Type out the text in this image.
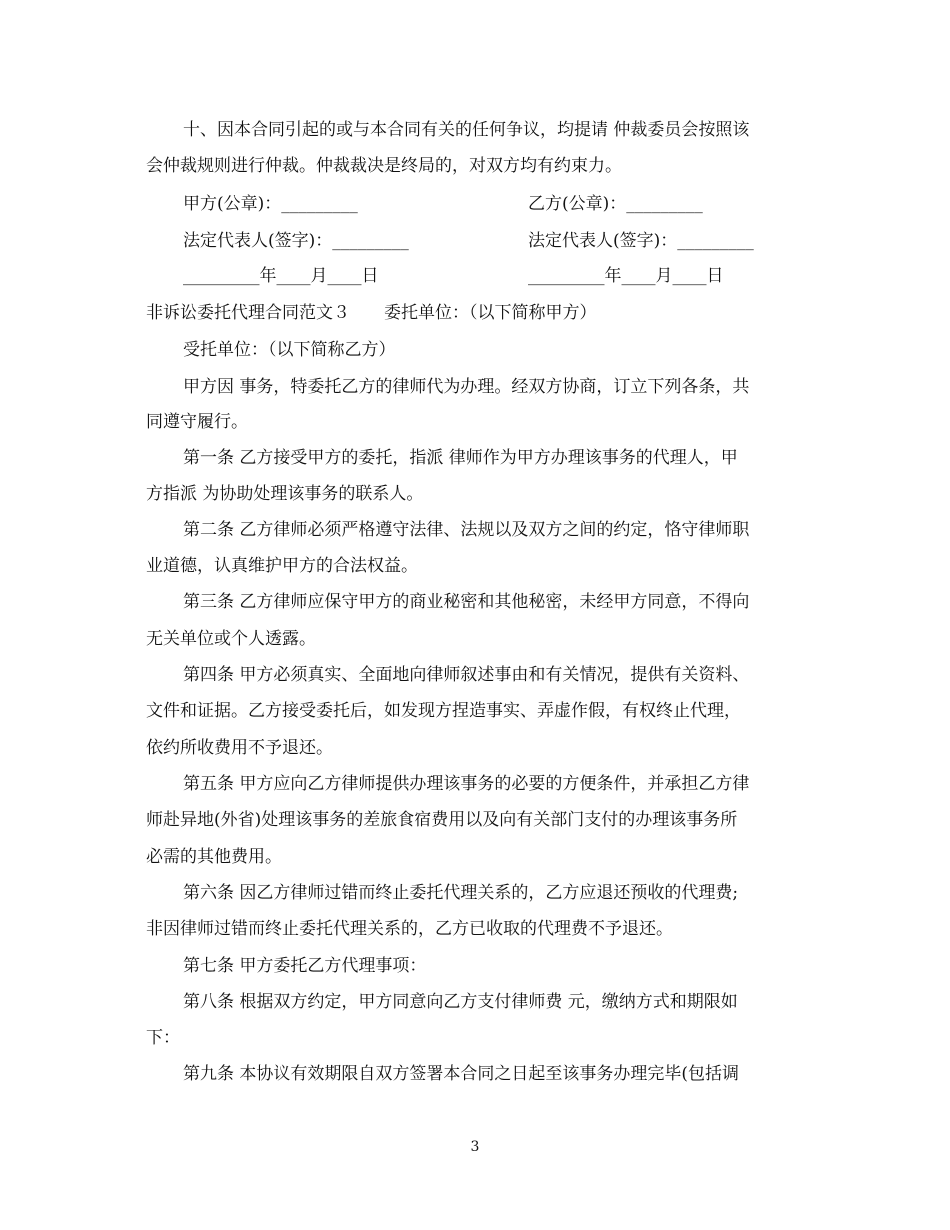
十、因本合同引起的或与本合同有关的任何争议，均提请 仲裁委员会按照该
会仲裁规则进行仲裁。仲裁裁决是终局的，对双方均有约束力。
甲方(公章)：_________	乙方(公章)：_________
法定代表人(签字)：_________	法定代表人(签字)：_________
_________年____月____日	_________年____月____日
非诉讼委托代理合同范文３　　委托单位：（以下简称甲方）
受托单位：（以下简称乙方）
甲方因 事务，特委托乙方的律师代为办理。经双方协商，订立下列各条，共
同遵守履行。
第一条 乙方接受甲方的委托，指派 律师作为甲方办理该事务的代理人，甲
方指派 为协助处理该事务的联系人。
第二条 乙方律师必须严格遵守法律、法规以及双方之间的约定，恪守律师职
业道德，认真维护甲方的合法权益。
第三条 乙方律师应保守甲方的商业秘密和其他秘密，未经甲方同意，不得向
无关单位或个人透露。
第四条 甲方必须真实、全面地向律师叙述事由和有关情况，提供有关资料、
文件和证据。乙方接受委托后，如发现方捏造事实、弄虚作假，有权终止代理，
依约所收费用不予退还。
第五条 甲方应向乙方律师提供办理该事务的必要的方便条件，并承担乙方律
师赴异地(外省)处理该事务的差旅食宿费用以及向有关部门支付的办理该事务所
必需的其他费用。
第六条 因乙方律师过错而终止委托代理关系的，乙方应退还预收的代理费;
非因律师过错而终止委托代理关系的，乙方已收取的代理费不予退还。
第七条 甲方委托乙方代理事项：
第八条 根据双方约定，甲方同意向乙方支付律师费 元，缴纳方式和期限如
下：
第九条 本协议有效期限自双方签署本合同之日起至该事务办理完毕(包括调
3
